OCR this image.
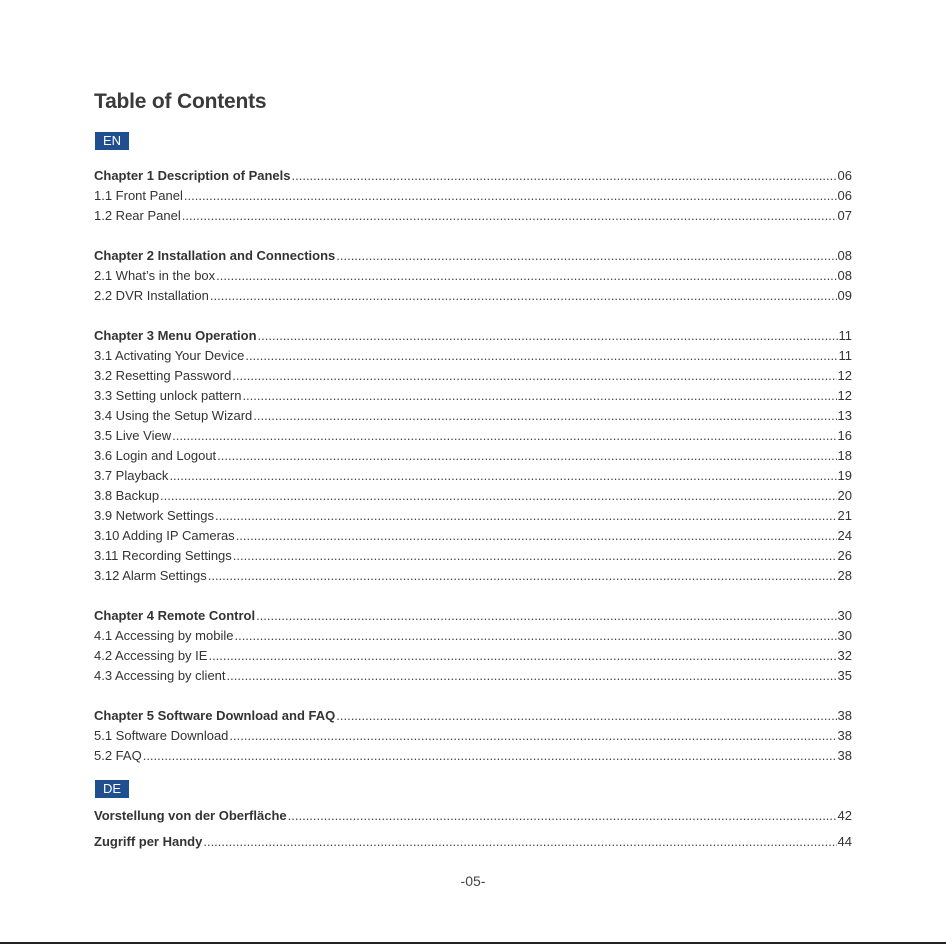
Table of Contents
EN
Chapter 1 Description of Panels .....	06
1.1 Front Panel .....	06
1.2 Rear Panel .....	07
Chapter 2 Installation and Connections .....	08
2.1 What’s in the box .....	08
2.2 DVR Installation .....	09
Chapter 3 Menu Operation .....	11
3.1 Activating Your Device .....	11
3.2 Resetting Password .....	12
3.3 Setting unlock pattern .....	12
3.4 Using the Setup Wizard .....	13
3.5 Live View .....	16
3.6 Login and Logout .....	18
3.7 Playback .....	19
3.8 Backup .....	20
3.9 Network Settings .....	21
3.10 Adding IP Cameras .....	24
3.11 Recording Settings .....	26
3.12 Alarm Settings .....	28
Chapter 4 Remote Control .....	30
4.1 Accessing by mobile .....	30
4.2 Accessing by IE .....	32
4.3 Accessing by client .....	35
Chapter 5 Software Download and FAQ .....	38
5.1 Software Download .....	38
5.2 FAQ .....	38
DE
Vorstellung von der Oberfläche .....	42
Zugriff per Handy .....	44
-05-
